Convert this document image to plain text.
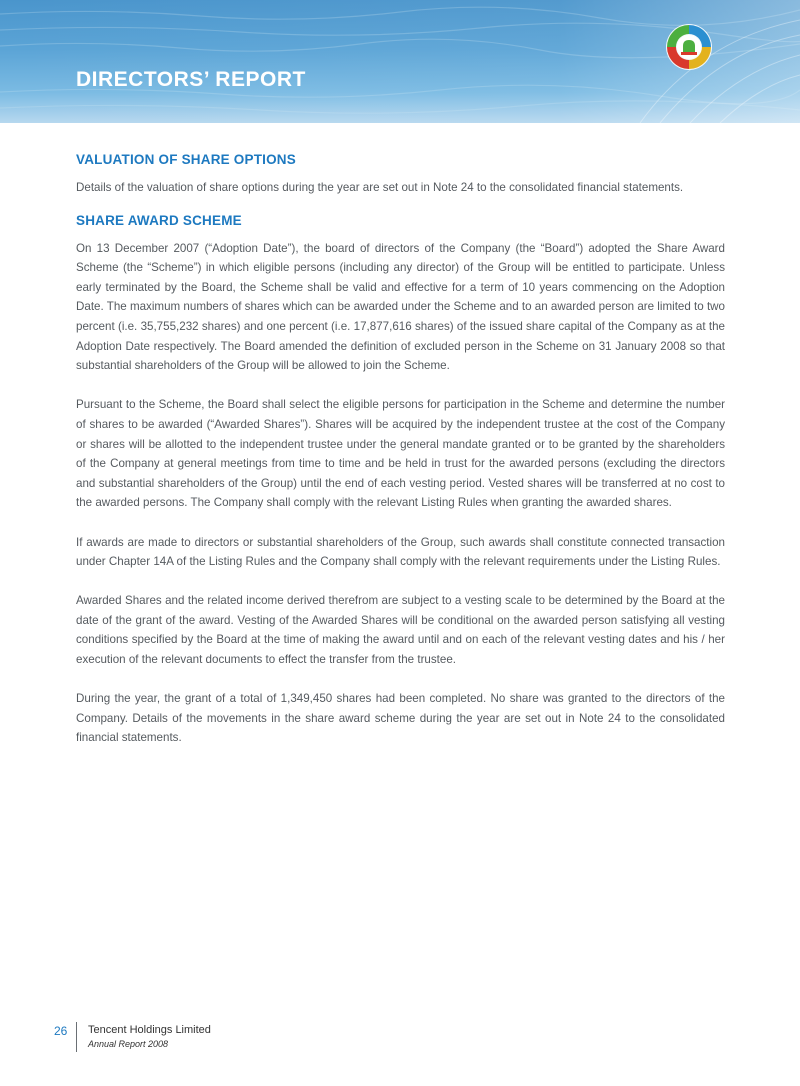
DIRECTORS’ REPORT
VALUATION OF SHARE OPTIONS

Details of the valuation of share options during the year are set out in Note 24 to the consolidated financial statements.

SHARE AWARD SCHEME

On 13 December 2007 (“Adoption Date”), the board of directors of the Company (the “Board”) adopted the Share Award Scheme (the “Scheme”) in which eligible persons (including any director) of the Group will be entitled to participate. Unless early terminated by the Board, the Scheme shall be valid and effective for a term of 10 years commencing on the Adoption Date. The maximum numbers of shares which can be awarded under the Scheme and to an awarded person are limited to two percent (i.e. 35,755,232 shares) and one percent (i.e. 17,877,616 shares) of the issued share capital of the Company as at the Adoption Date respectively. The Board amended the definition of excluded person in the Scheme on 31 January 2008 so that substantial shareholders of the Group will be allowed to join the Scheme.

Pursuant to the Scheme, the Board shall select the eligible persons for participation in the Scheme and determine the number of shares to be awarded (“Awarded Shares”). Shares will be acquired by the independent trustee at the cost of the Company or shares will be allotted to the independent trustee under the general mandate granted or to be granted by the shareholders of the Company at general meetings from time to time and be held in trust for the awarded persons (excluding the directors and substantial shareholders of the Group) until the end of each vesting period. Vested shares will be transferred at no cost to the awarded persons. The Company shall comply with the relevant Listing Rules when granting the awarded shares.

If awards are made to directors or substantial shareholders of the Group, such awards shall constitute connected transaction under Chapter 14A of the Listing Rules and the Company shall comply with the relevant requirements under the Listing Rules.

Awarded Shares and the related income derived therefrom are subject to a vesting scale to be determined by the Board at the date of the grant of the award. Vesting of the Awarded Shares will be conditional on the awarded person satisfying all vesting conditions specified by the Board at the time of making the award until and on each of the relevant vesting dates and his / her execution of the relevant documents to effect the transfer from the trustee.

During the year, the grant of a total of 1,349,450 shares had been completed. No share was granted to the directors of the Company. Details of the movements in the share award scheme during the year are set out in Note 24 to the consolidated financial statements.

26 Tencent Holdings Limited
Annual Report 2008
